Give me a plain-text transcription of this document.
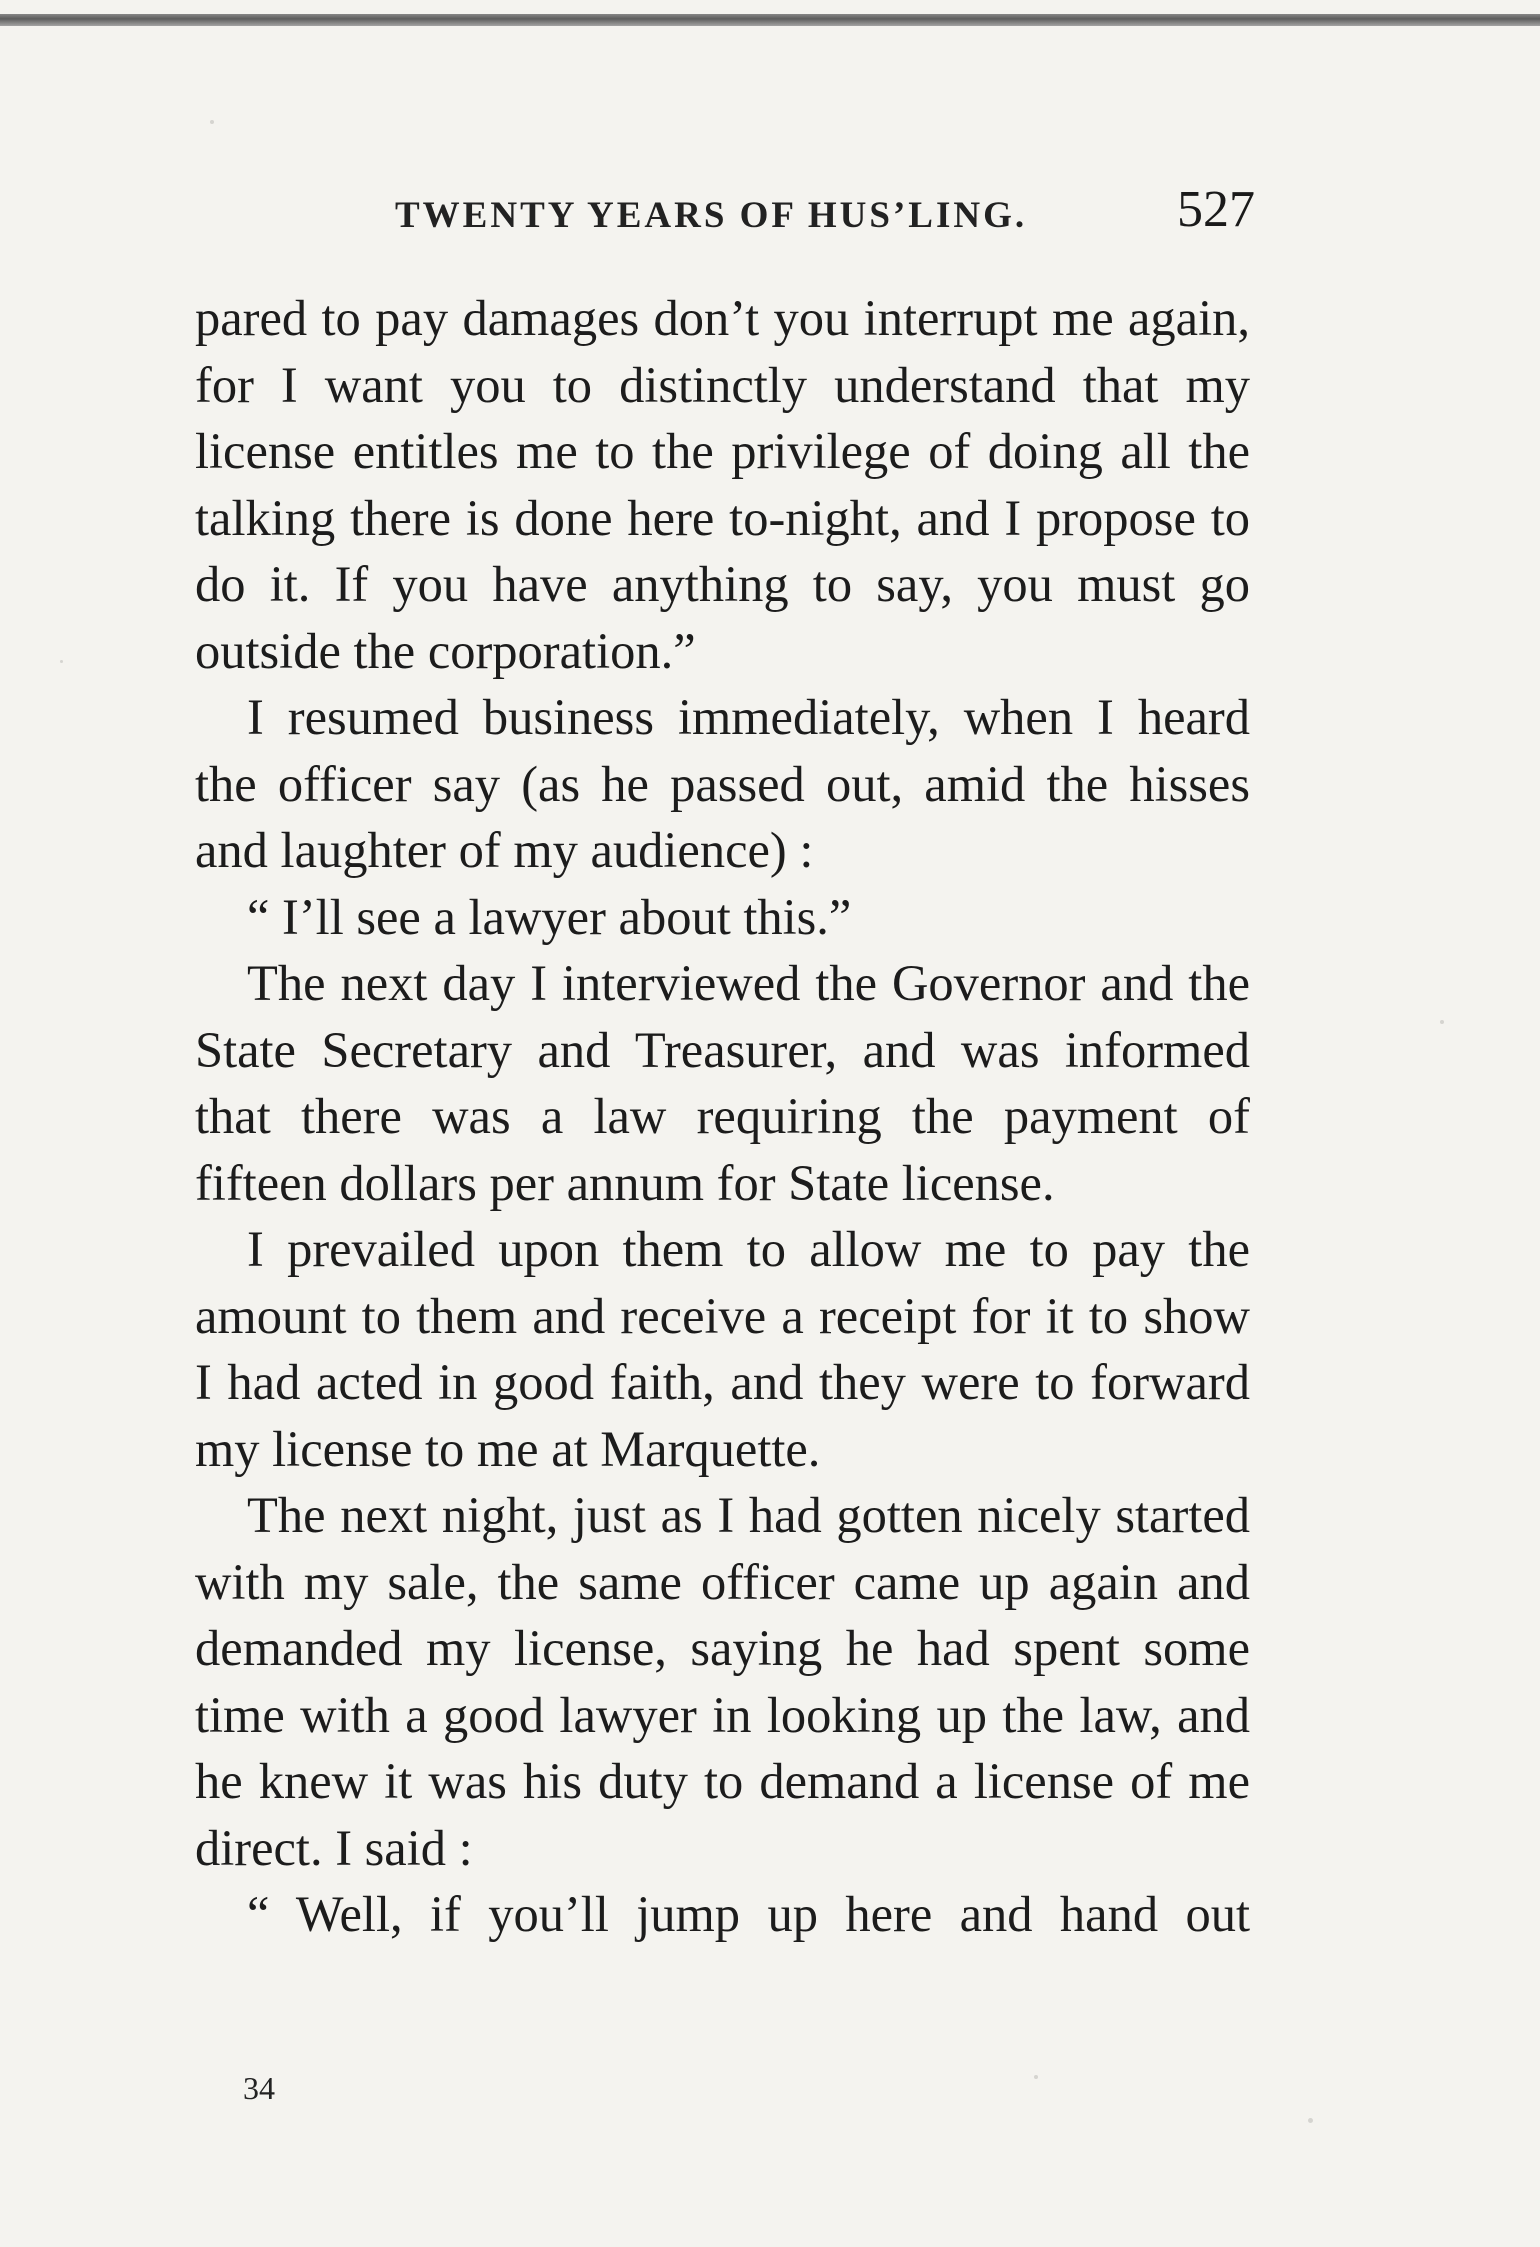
TWENTY YEARS OF HUS’LING.	527

pared to pay damages don’t you interrupt me again, for I want you to distinctly understand that my license entitles me to the privilege of doing all the talking there is done here to-night, and I propose to do it. If you have anything to say, you must go outside the corporation.”

I resumed business immediately, when I heard the officer say (as he passed out, amid the hisses and laughter of my audience) :

“ I’ll see a lawyer about this.”

The next day I interviewed the Governor and the State Secretary and Treasurer, and was informed that there was a law requiring the payment of fifteen dollars per annum for State license.

I prevailed upon them to allow me to pay the amount to them and receive a receipt for it to show I had acted in good faith, and they were to forward my license to me at Marquette.

The next night, just as I had gotten nicely started with my sale, the same officer came up again and demanded my license, saying he had spent some time with a good lawyer in looking up the law, and he knew it was his duty to demand a license of me direct. I said :

“ Well, if you’ll jump up here and hand out

34
